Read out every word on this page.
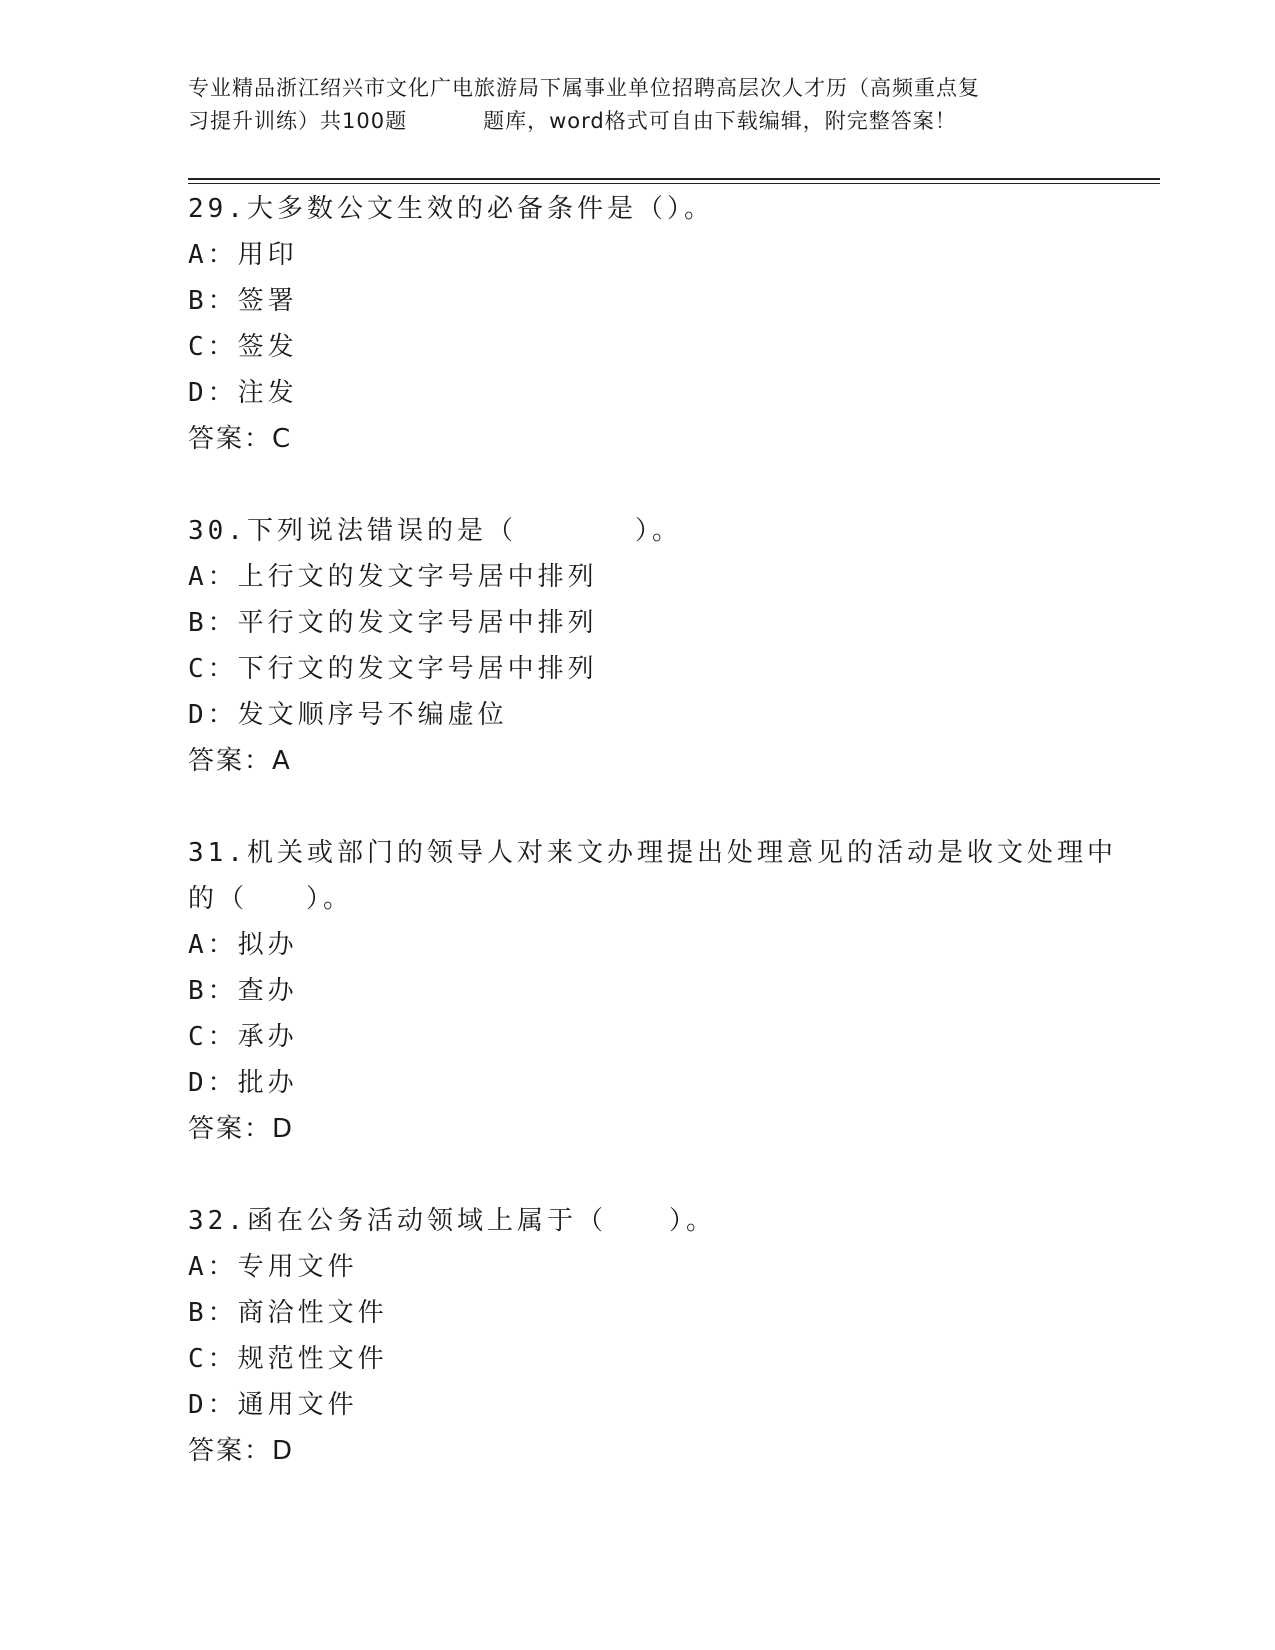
专业精品浙江绍兴市文化广电旅游局下属事业单位招聘高层次人才历（高频重点复
习提升训练）共100题	题库，word格式可自由下载编辑，附完整答案！
29.大多数公文生效的必备条件是（）。
A：用印
B：签署
C：签发
D：注发
答案：C
30.下列说法错误的是（	）。
A：上行文的发文字号居中排列
B：平行文的发文字号居中排列
C：下行文的发文字号居中排列
D：发文顺序号不编虚位
答案：A
31.机关或部门的领导人对来文办理提出处理意见的活动是收文处理中
的（ ）。
A：拟办
B：查办
C：承办
D：批办
答案：D
32.函在公务活动领域上属于（ ）。
A：专用文件
B：商洽性文件
C：规范性文件
D：通用文件
答案：D
